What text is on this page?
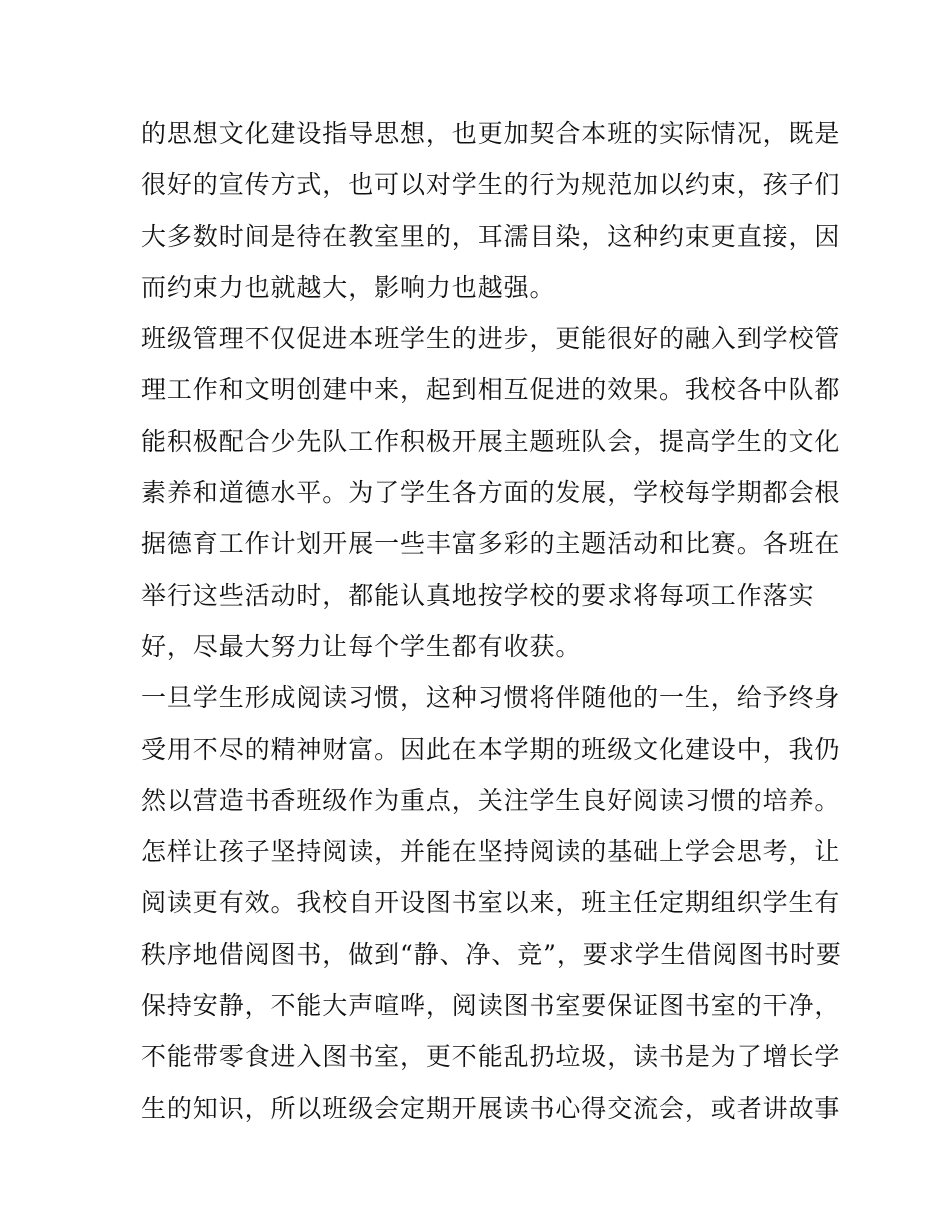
的思想文化建设指导思想，也更加契合本班的实际情况，既是
很好的宣传方式，也可以对学生的行为规范加以约束，孩子们
大多数时间是待在教室里的，耳濡目染，这种约束更直接，因
而约束力也就越大，影响力也越强。
班级管理不仅促进本班学生的进步，更能很好的融入到学校管
理工作和文明创建中来，起到相互促进的效果。我校各中队都
能积极配合少先队工作积极开展主题班队会，提高学生的文化
素养和道德水平。为了学生各方面的发展，学校每学期都会根
据德育工作计划开展一些丰富多彩的主题活动和比赛。各班在
举行这些活动时，都能认真地按学校的要求将每项工作落实
好，尽最大努力让每个学生都有收获。
一旦学生形成阅读习惯，这种习惯将伴随他的一生，给予终身
受用不尽的精神财富。因此在本学期的班级文化建设中，我仍
然以营造书香班级作为重点，关注学生良好阅读习惯的培养。
怎样让孩子坚持阅读，并能在坚持阅读的基础上学会思考，让
阅读更有效。我校自开设图书室以来，班主任定期组织学生有
秩序地借阅图书，做到“静、净、竞”，要求学生借阅图书时要
保持安静，不能大声喧哗，阅读图书室要保证图书室的干净，
不能带零食进入图书室，更不能乱扔垃圾，读书是为了增长学
生的知识，所以班级会定期开展读书心得交流会，或者讲故事
